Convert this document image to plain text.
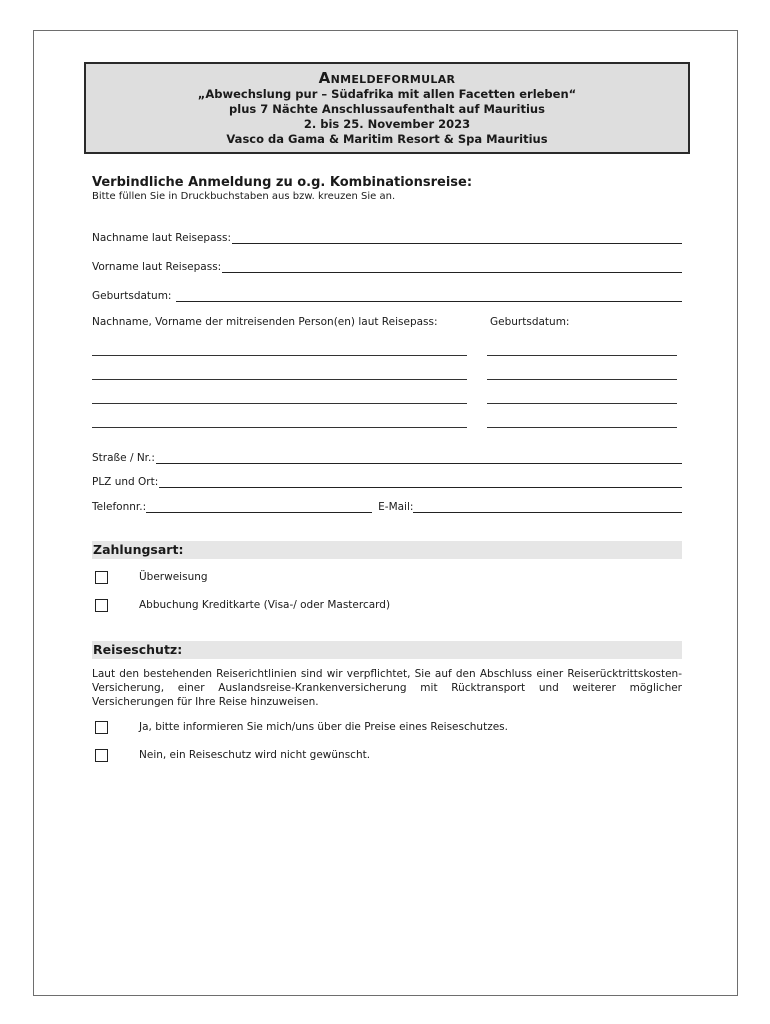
Anmeldeformular
„Abwechslung pur – Südafrika mit allen Facetten erleben“
plus 7 Nächte Anschlussaufenthalt auf Mauritius
2. bis 25. November 2023
Vasco da Gama & Maritim Resort & Spa Mauritius
Verbindliche Anmeldung zu o.g. Kombinationsreise:
Bitte füllen Sie in Druckbuchstaben aus bzw. kreuzen Sie an.
Nachname laut Reisepass:
Vorname laut Reisepass:
Geburtsdatum:
Nachname, Vorname der mitreisenden Person(en) laut Reisepass:	Geburtsdatum:
Straße / Nr.:
PLZ und Ort:
Telefonnr.:	E-Mail:
Zahlungsart:
Überweisung
Abbuchung Kreditkarte (Visa-/ oder Mastercard)
Reiseschutz:
Laut den bestehenden Reiserichtlinien sind wir verpflichtet, Sie auf den Abschluss einer Reiserücktrittskosten-Versicherung, einer Auslandsreise-Krankenversicherung mit Rücktransport und weiterer möglicher Versicherungen für Ihre Reise hinzuweisen.
Ja, bitte informieren Sie mich/uns über die Preise eines Reiseschutzes.
Nein, ein Reiseschutz wird nicht gewünscht.
